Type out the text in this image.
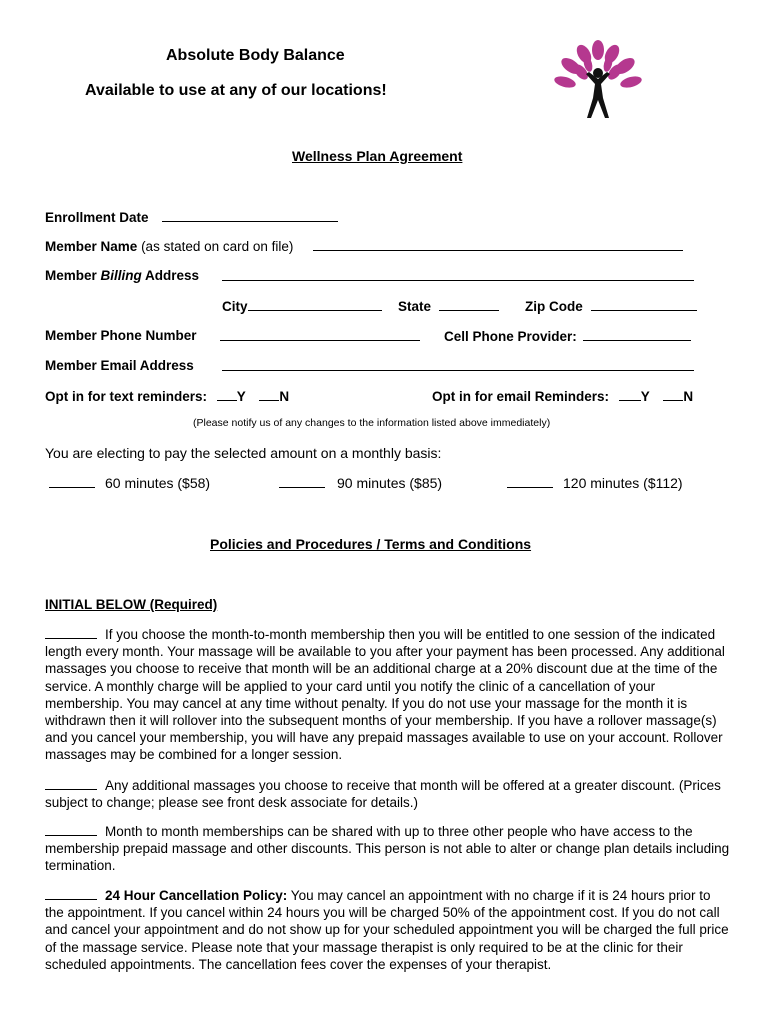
Absolute Body Balance
Available to use at any of our locations!
Wellness Plan Agreement
Enrollment Date
Member Name (as stated on card on file)
Member Billing Address
City	State	Zip Code
Member Phone Number	Cell Phone Provider:
Member Email Address
Opt in for text reminders: Y	N	Opt in for email Reminders: Y	N
(Please notify us of any changes to the information listed above immediately)
You are electing to pay the selected amount on a monthly basis:
60 minutes ($58)	90 minutes ($85)	120 minutes ($112)
Policies and Procedures / Terms and Conditions
INITIAL BELOW (Required)
If you choose the month-to-month membership then you will be entitled to one session of the indicated length every month. Your massage will be available to you after your payment has been processed. Any additional massages you choose to receive that month will be an additional charge at a 20% discount due at the time of the service. A monthly charge will be applied to your card until you notify the clinic of a cancellation of your membership. You may cancel at any time without penalty. If you do not use your massage for the month it is withdrawn then it will rollover into the subsequent months of your membership. If you have a rollover massage(s) and you cancel your membership, you will have any prepaid massages available to use on your account. Rollover massages may be combined for a longer session.
Any additional massages you choose to receive that month will be offered at a greater discount. (Prices subject to change; please see front desk associate for details.)
Month to month memberships can be shared with up to three other people who have access to the membership prepaid massage and other discounts. This person is not able to alter or change plan details including termination.
24 Hour Cancellation Policy: You may cancel an appointment with no charge if it is 24 hours prior to the appointment. If you cancel within 24 hours you will be charged 50% of the appointment cost. If you do not call and cancel your appointment and do not show up for your scheduled appointment you will be charged the full price of the massage service. Please note that your massage therapist is only required to be at the clinic for their scheduled appointments. The cancellation fees cover the expenses of your therapist.
